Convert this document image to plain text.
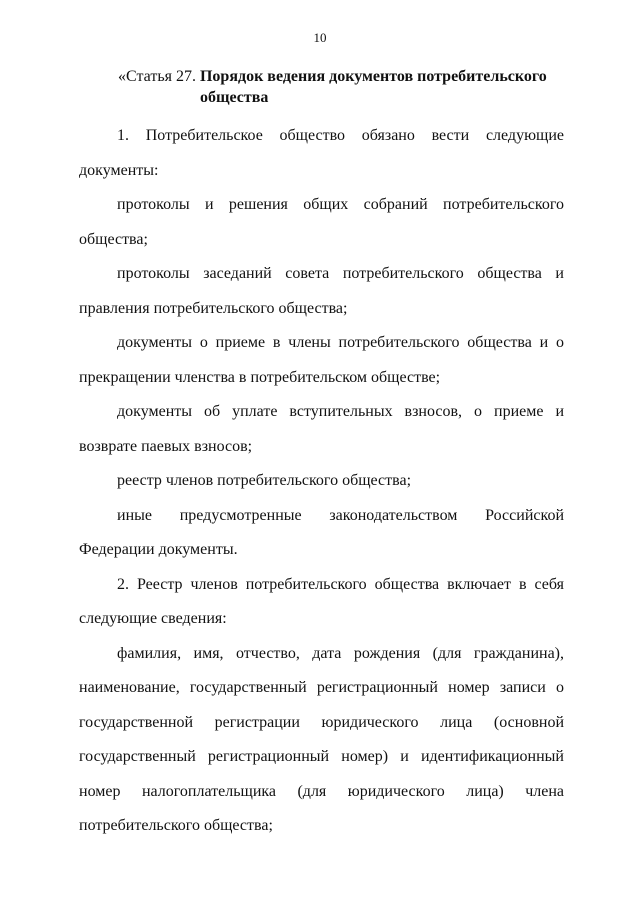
10
«Статья 27. Порядок ведения документов потребительского
общества

1. Потребительское общество обязано вести следующие документы:

протоколы и решения общих собраний потребительского общества;

протоколы заседаний совета потребительского общества и правления потребительского общества;

документы о приеме в члены потребительского общества и о прекращении членства в потребительском обществе;

документы об уплате вступительных взносов, о приеме и возврате паевых взносов;

реестр членов потребительского общества;

иные предусмотренные законодательством Российской Федерации документы.

2. Реестр членов потребительского общества включает в себя следующие сведения:

фамилия, имя, отчество, дата рождения (для гражданина), наименование, государственный регистрационный номер записи о государственной регистрации юридического лица (основной государственный регистрационный номер) и идентификационный номер налогоплательщика (для юридического лица) члена потребительского общества;
